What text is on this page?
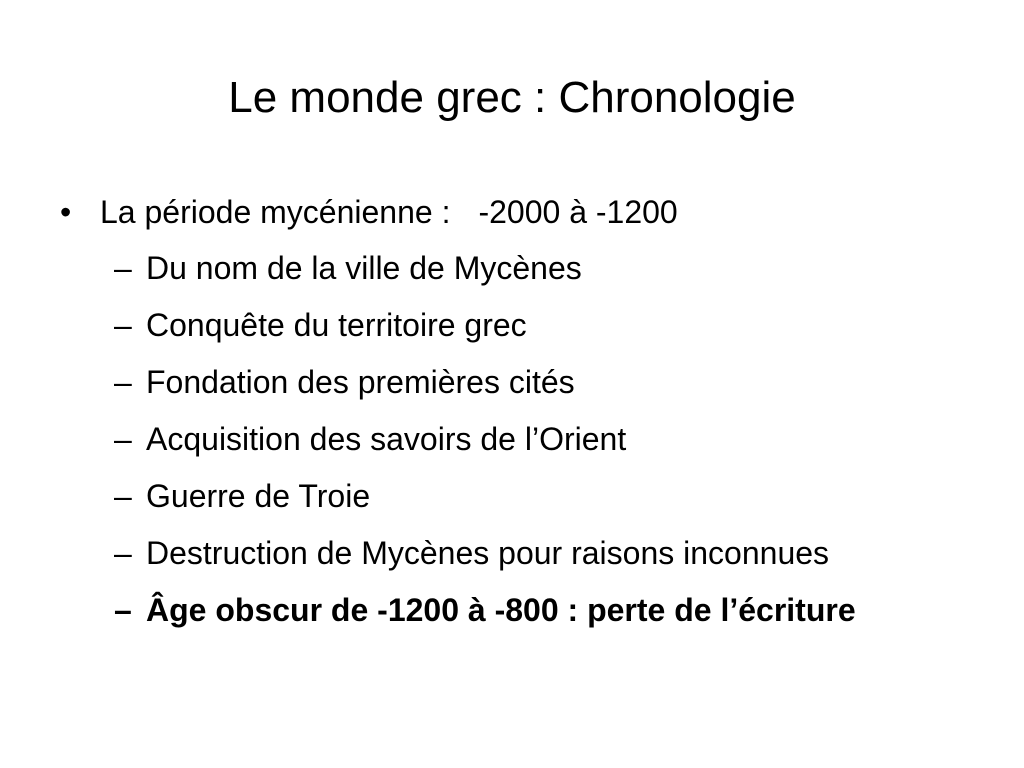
Le monde grec : Chronologie
• La période mycénienne : -2000 à -1200
– Du nom de la ville de Mycènes
– Conquête du territoire grec
– Fondation des premières cités
– Acquisition des savoirs de l’Orient
– Guerre de Troie
– Destruction de Mycènes pour raisons inconnues
– Âge obscur de -1200 à -800 : perte de l’écriture
